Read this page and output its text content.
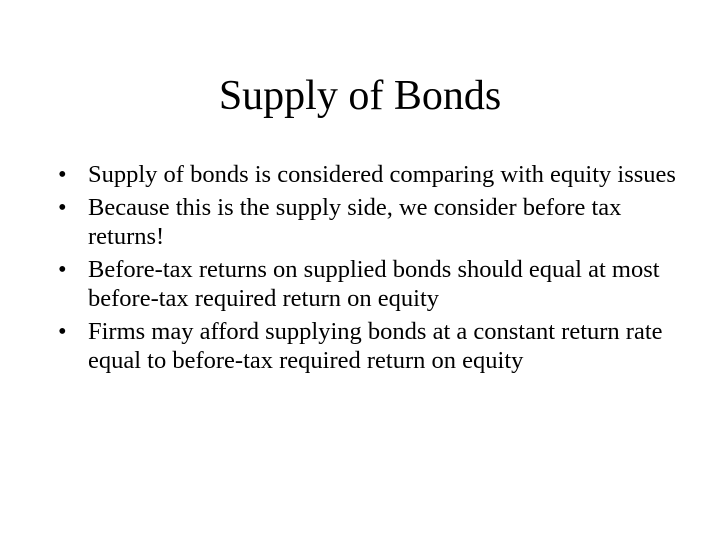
Supply of Bonds
• Supply of bonds is considered comparing with equity issues
• Because this is the supply side, we consider before tax returns!
• Before-tax returns on supplied bonds should equal at most before-tax required return on equity
• Firms may afford supplying bonds at a constant return rate equal to before-tax required return on equity
